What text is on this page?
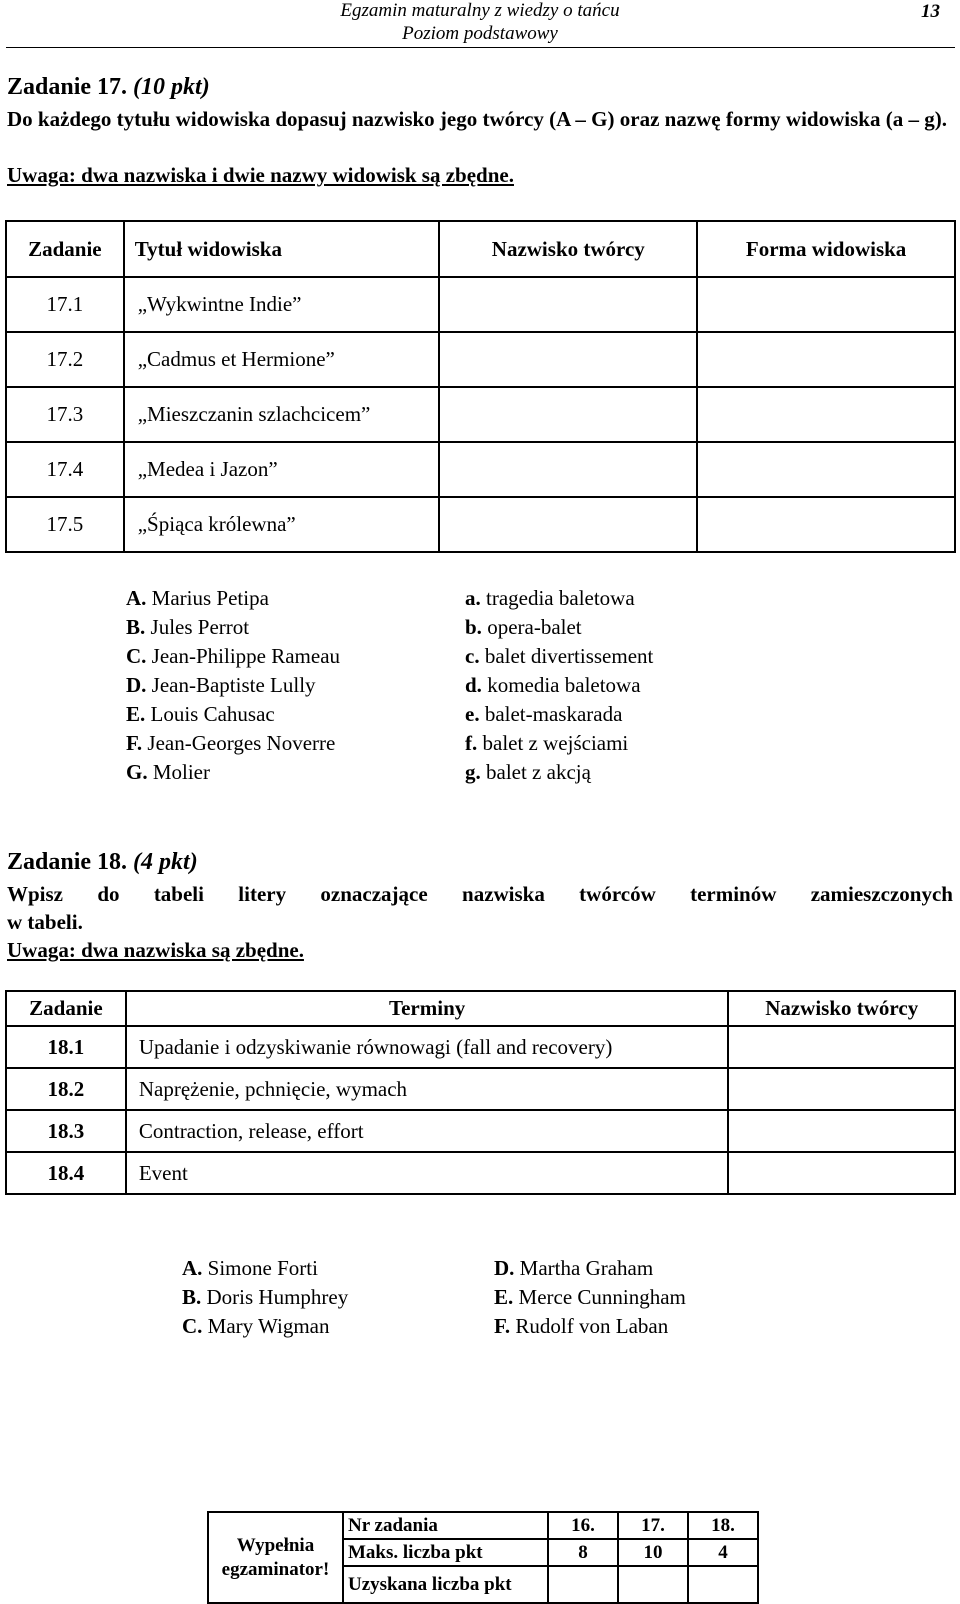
Egzamin maturalny z wiedzy o tańcu
Poziom podstawowy
13
Zadanie 17. (10 pkt)
Do każdego tytułu widowiska dopasuj nazwisko jego twórcy (A – G) oraz nazwę formy widowiska (a – g).
Uwaga: dwa nazwiska i dwie nazwy widowisk są zbędne.
Zadanie	Tytuł widowiska	Nazwisko twórcy	Forma widowiska
17.1	„Wykwintne Indie”		
17.2	„Cadmus et Hermione”		
17.3	„Mieszczanin szlachcicem”		
17.4	„Medea i Jazon”		
17.5	„Śpiąca królewna”		
A. Marius Petipa
B. Jules Perrot
C. Jean-Philippe Rameau
D. Jean-Baptiste Lully
E. Louis Cahusac
F. Jean-Georges Noverre
G. Molier
a. tragedia baletowa
b. opera-balet
c. balet divertissement
d. komedia baletowa
e. balet-maskarada
f. balet z wejściami
g. balet z akcją
Zadanie 18. (4 pkt)
Wpisz do tabeli litery oznaczające nazwiska twórców terminów zamieszczonych
w tabeli.
Uwaga: dwa nazwiska są zbędne.
Zadanie	Terminy	Nazwisko twórcy
18.1	Upadanie i odzyskiwanie równowagi (fall and recovery)	
18.2	Naprężenie, pchnięcie, wymach	
18.3	Contraction, release, effort	
18.4	Event	
A. Simone Forti
B. Doris Humphrey
C. Mary Wigman
D. Martha Graham
E. Merce Cunningham
F. Rudolf von Laban
Wypełnia
egzaminator!	Nr zadania	16.	17.	18.
	Maks. liczba pkt	8	10	4
	Uzyskana liczba pkt			
